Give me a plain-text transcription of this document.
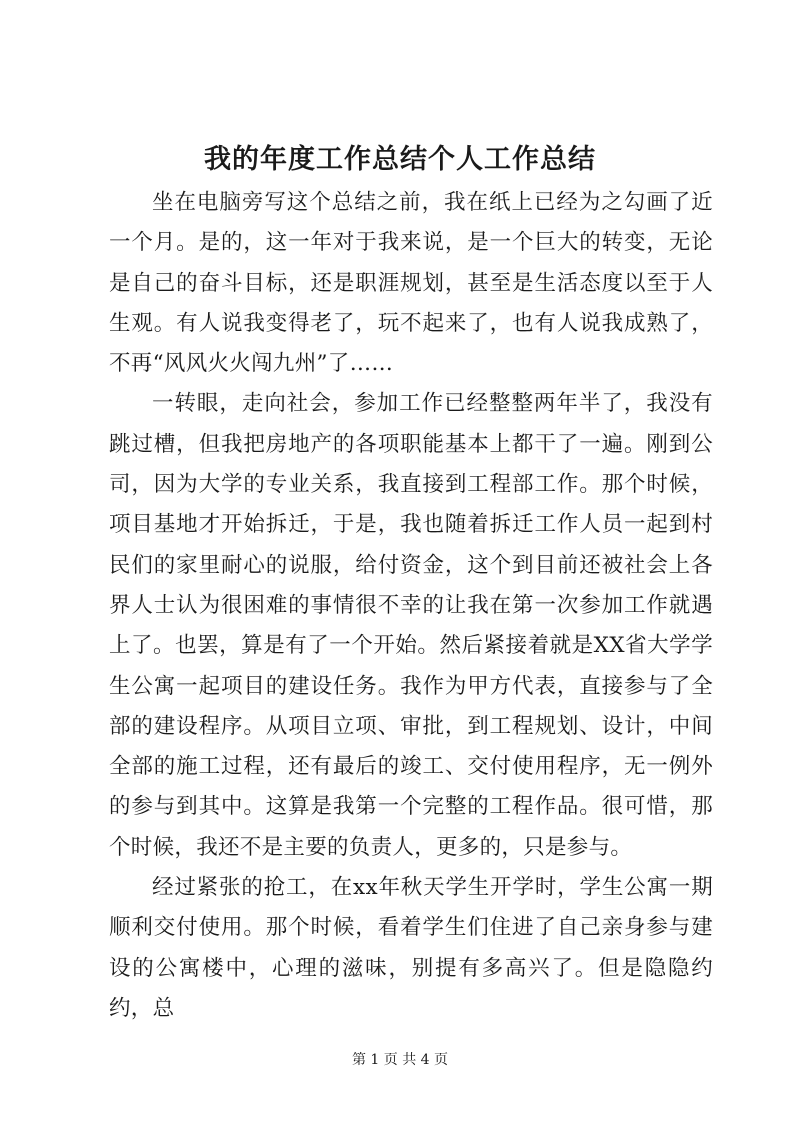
我的年度工作总结个人工作总结

坐在电脑旁写这个总结之前，我在纸上已经为之勾画了近一个月。是的，这一年对于我来说，是一个巨大的转变，无论是自己的奋斗目标，还是职涯规划，甚至是生活态度以至于人生观。有人说我变得老了，玩不起来了，也有人说我成熟了，不再“风风火火闯九州”了……

一转眼，走向社会，参加工作已经整整两年半了，我没有跳过槽，但我把房地产的各项职能基本上都干了一遍。刚到公司，因为大学的专业关系，我直接到工程部工作。那个时候，项目基地才开始拆迁，于是，我也随着拆迁工作人员一起到村民们的家里耐心的说服，给付资金，这个到目前还被社会上各界人士认为很困难的事情很不幸的让我在第一次参加工作就遇上了。也罢，算是有了一个开始。然后紧接着就是XX省大学学生公寓一起项目的建设任务。我作为甲方代表，直接参与了全部的建设程序。从项目立项、审批，到工程规划、设计，中间全部的施工过程，还有最后的竣工、交付使用程序，无一例外的参与到其中。这算是我第一个完整的工程作品。很可惜，那个时候，我还不是主要的负责人，更多的，只是参与。

经过紧张的抢工，在xx年秋天学生开学时，学生公寓一期顺利交付使用。那个时候，看着学生们住进了自己亲身参与建设的公寓楼中，心理的滋味，别提有多高兴了。但是隐隐约约，总

第 1 页 共 4 页
